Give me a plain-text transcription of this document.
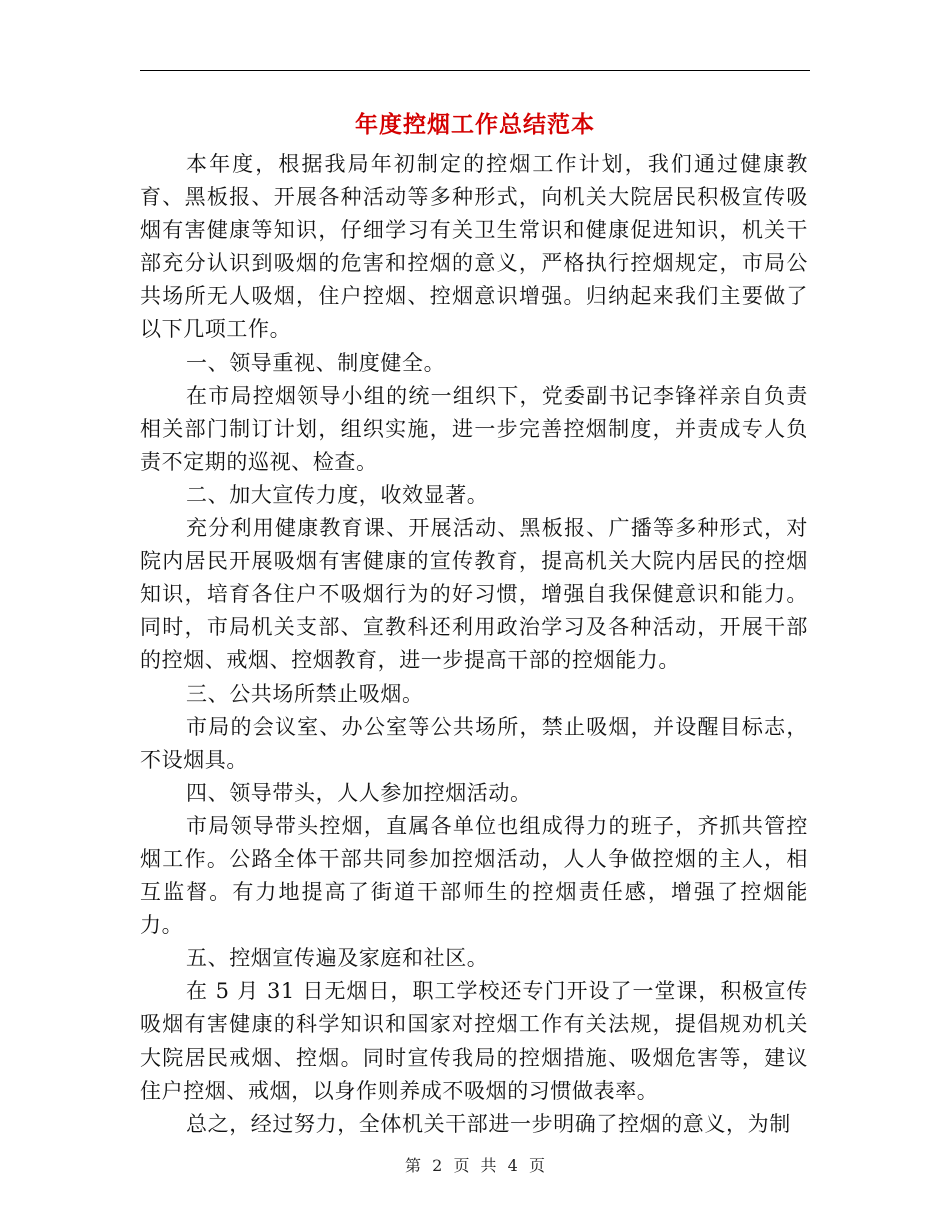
年度控烟工作总结范本

本年度，根据我局年初制定的控烟工作计划，我们通过健康教育、黑板报、开展各种活动等多种形式，向机关大院居民积极宣传吸烟有害健康等知识，仔细学习有关卫生常识和健康促进知识，机关干部充分认识到吸烟的危害和控烟的意义，严格执行控烟规定，市局公共场所无人吸烟，住户控烟、控烟意识增强。归纳起来我们主要做了以下几项工作。

一、领导重视、制度健全。

在市局控烟领导小组的统一组织下，党委副书记李锋祥亲自负责相关部门制订计划，组织实施，进一步完善控烟制度，并责成专人负责不定期的巡视、检查。

二、加大宣传力度，收效显著。

充分利用健康教育课、开展活动、黑板报、广播等多种形式，对院内居民开展吸烟有害健康的宣传教育，提高机关大院内居民的控烟知识，培育各住户不吸烟行为的好习惯，增强自我保健意识和能力。同时，市局机关支部、宣教科还利用政治学习及各种活动，开展干部的控烟、戒烟、控烟教育，进一步提高干部的控烟能力。

三、公共场所禁止吸烟。

市局的会议室、办公室等公共场所，禁止吸烟，并设醒目标志，不设烟具。

四、领导带头，人人参加控烟活动。

市局领导带头控烟，直属各单位也组成得力的班子，齐抓共管控烟工作。公路全体干部共同参加控烟活动，人人争做控烟的主人，相互监督。有力地提高了街道干部师生的控烟责任感，增强了控烟能力。

五、控烟宣传遍及家庭和社区。

在 5 月 31 日无烟日，职工学校还专门开设了一堂课，积极宣传吸烟有害健康的科学知识和国家对控烟工作有关法规，提倡规劝机关大院居民戒烟、控烟。同时宣传我局的控烟措施、吸烟危害等，建议住户控烟、戒烟，以身作则养成不吸烟的习惯做表率。

总之，经过努力，全体机关干部进一步明确了控烟的意义，为制

第 2 页 共 4 页
